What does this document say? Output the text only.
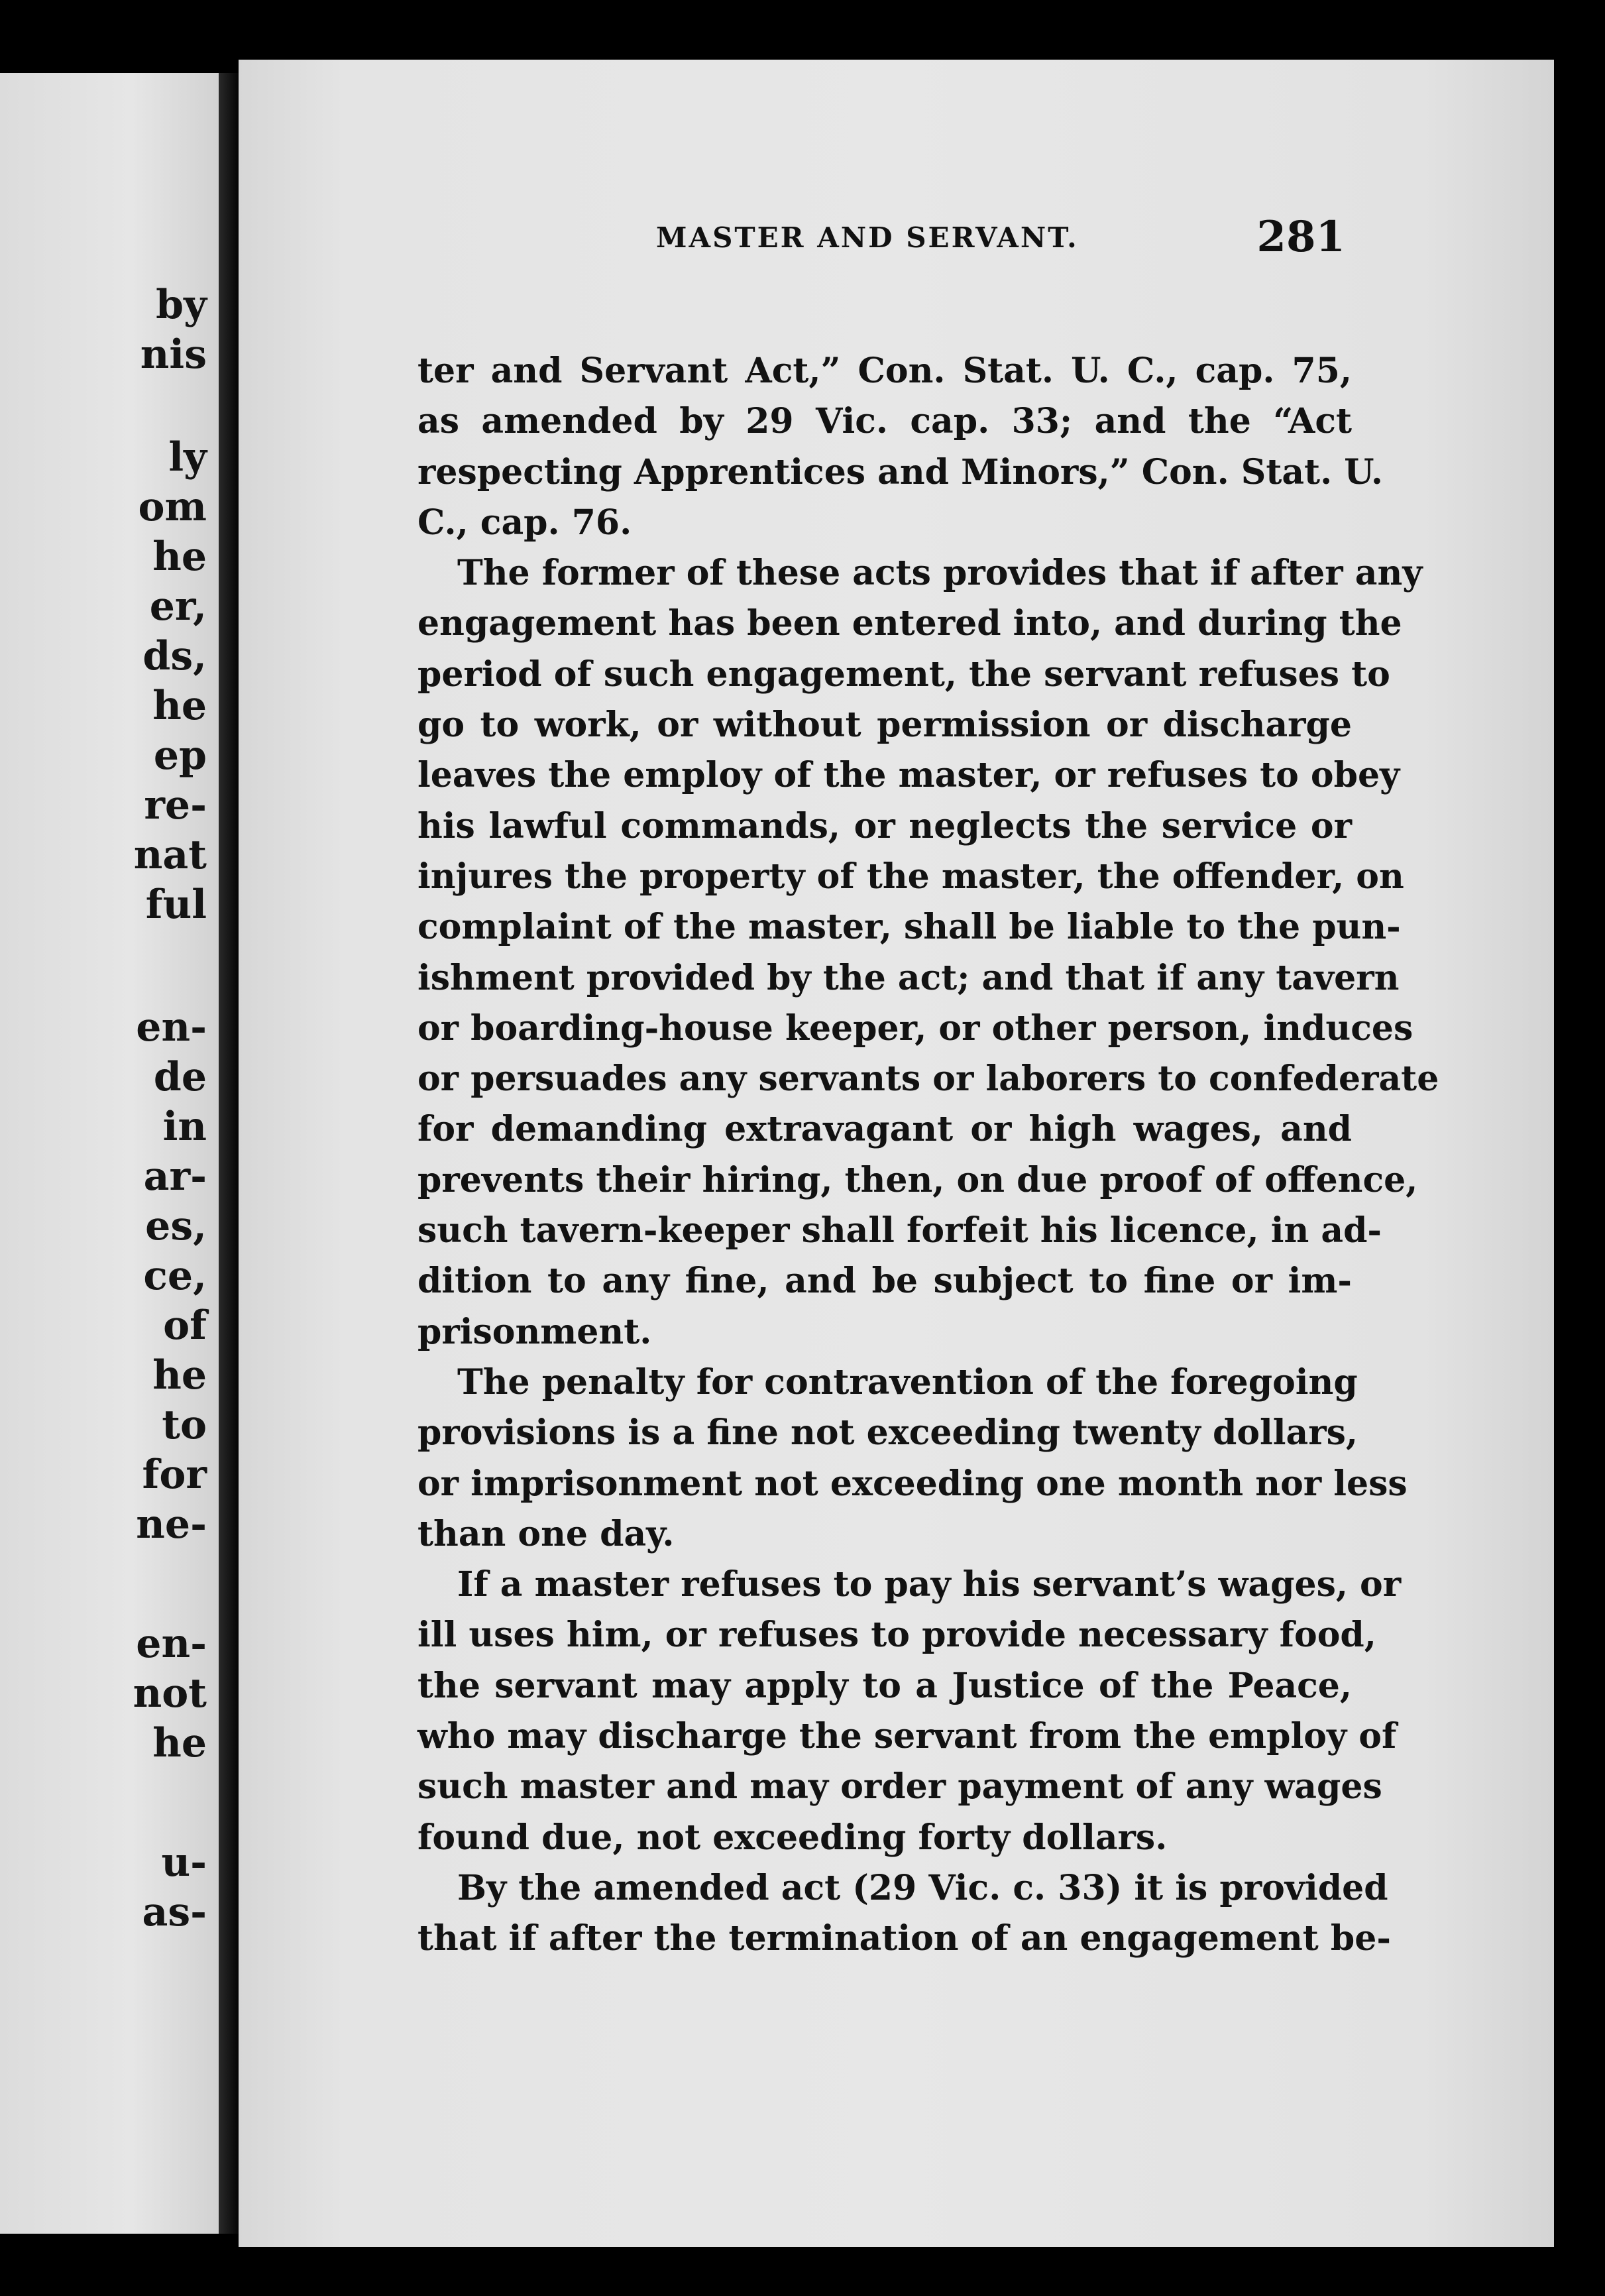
by
nis
ly
om
he
er,
ds,
he
ep
re-
nat
ful
en-
de
in
ar-
es,
ce,
of
he
to
for
ne-
en-
not
he
u-
as-
MASTER AND SERVANT.	281
ter and Servant Act,” Con. Stat. U. C., cap. 75,
as amended by 29 Vic. cap. 33; and the “Act
respecting Apprentices and Minors,” Con. Stat. U.
C., cap. 76.
The former of these acts provides that if after any
engagement has been entered into, and during the
period of such engagement, the servant refuses to
go to work, or without permission or discharge
leaves the employ of the master, or refuses to obey
his lawful commands, or neglects the service or
injures the property of the master, the offender, on
complaint of the master, shall be liable to the pun-
ishment provided by the act; and that if any tavern
or boarding-house keeper, or other person, induces
or persuades any servants or laborers to confederate
for demanding extravagant or high wages, and
prevents their hiring, then, on due proof of offence,
such tavern-keeper shall forfeit his licence, in ad-
dition to any fine, and be subject to fine or im-
prisonment.
The penalty for contravention of the foregoing
provisions is a fine not exceeding twenty dollars,
or imprisonment not exceeding one month nor less
than one day.
If a master refuses to pay his servant’s wages, or
ill uses him, or refuses to provide necessary food,
the servant may apply to a Justice of the Peace,
who may discharge the servant from the employ of
such master and may order payment of any wages
found due, not exceeding forty dollars.
By the amended act (29 Vic. c. 33) it is provided
that if after the termination of an engagement be-
